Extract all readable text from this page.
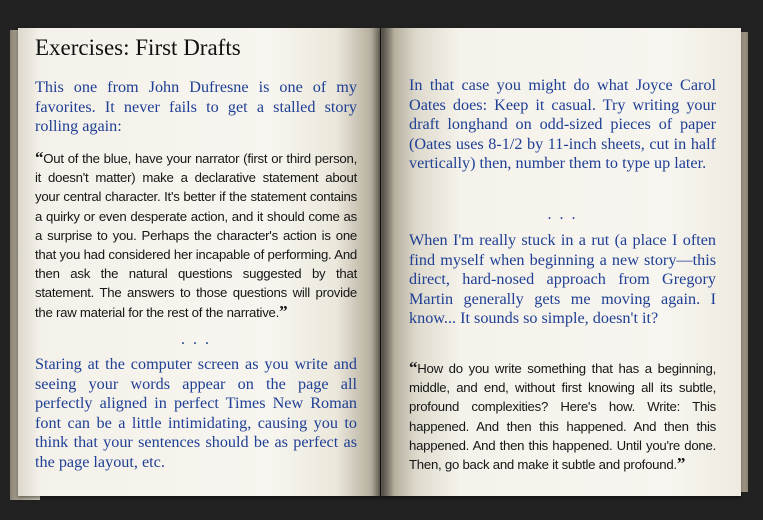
Exercises: First Drafts

This one from John Dufresne is one of my favorites. It never fails to get a stalled story rolling again:

“Out of the blue, have your narrator (first or third person, it doesn't matter) make a declarative statement about your central character. It's better if the statement contains a quirky or even desperate action, and it should come as a surprise to you. Perhaps the character's action is one that you had considered her incapable of performing. And then ask the natural questions suggested by that statement. The answers to those questions will provide the raw material for the rest of the narrative.”

. . .

Staring at the computer screen as you write and seeing your words appear on the page all perfectly aligned in perfect Times New Roman font can be a little intimidating, causing you to think that your sentences should be as perfect as the page layout, etc.

In that case you might do what Joyce Carol Oates does: Keep it casual. Try writing your draft longhand on odd-sized pieces of paper (Oates uses 8-1/2 by 11-inch sheets, cut in half vertically) then, number them to type up later.

. . .

When I'm really stuck in a rut (a place I often find myself when beginning a new story—this direct, hard-nosed approach from Gregory Martin generally gets me moving again. I know... It sounds so simple, doesn't it?

“How do you write something that has a beginning, middle, and end, without first knowing all its subtle, profound complexities? Here's how. Write: This happened. And then this happened. And then this happened. And then this happened. Until you're done. Then, go back and make it subtle and profound.”
